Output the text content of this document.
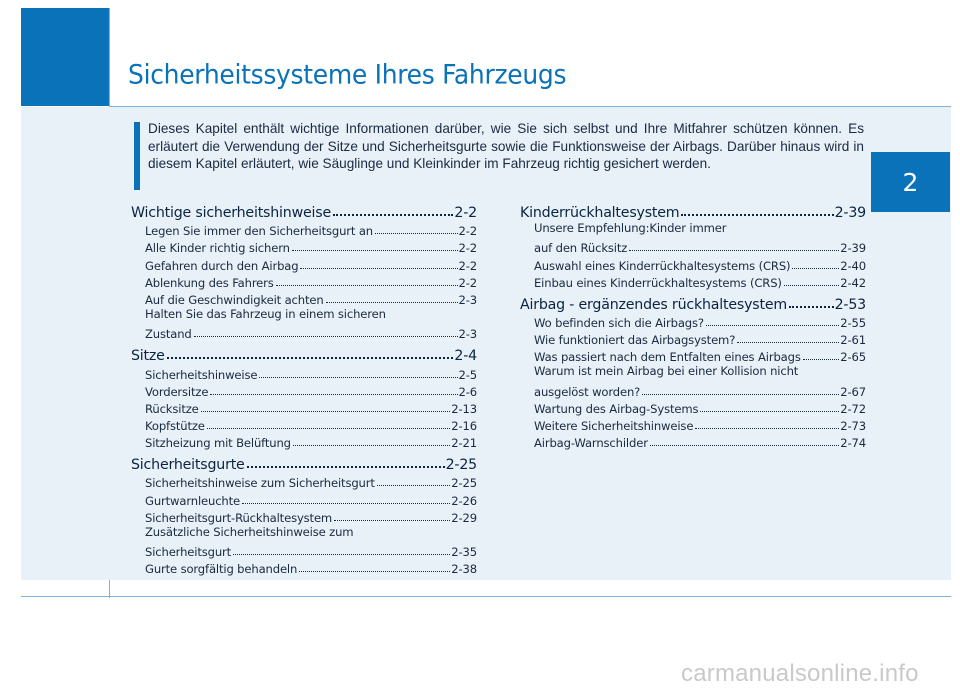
Sicherheitssysteme Ihres Fahrzeugs
2
Dieses Kapitel enthält wichtige Informationen darüber, wie Sie sich selbst und Ihre Mitfahrer schützen können. Es erläutert die Verwendung der Sitze und Sicherheitsgurte sowie die Funktionsweise der Airbags. Darüber hinaus wird in diesem Kapitel erläutert, wie Säuglinge und Kleinkinder im Fahrzeug richtig gesichert werden.
Wichtige sicherheitshinweise	2-2
Legen Sie immer den Sicherheitsgurt an	2-2
Alle Kinder richtig sichern	2-2
Gefahren durch den Airbag	2-2
Ablenkung des Fahrers	2-2
Auf die Geschwindigkeit achten	2-3
Halten Sie das Fahrzeug in einem sicheren
Zustand	2-3
Sitze	2-4
Sicherheitshinweise	2-5
Vordersitze	2-6
Rücksitze	2-13
Kopfstütze	2-16
Sitzheizung mit Belüftung	2-21
Sicherheitsgurte	2-25
Sicherheitshinweise zum Sicherheitsgurt	2-25
Gurtwarnleuchte	2-26
Sicherheitsgurt-Rückhaltesystem	2-29
Zusätzliche Sicherheitshinweise zum
Sicherheitsgurt	2-35
Gurte sorgfältig behandeln	2-38
Kinderrückhaltesystem	2-39
Unsere Empfehlung:Kinder immer
auf den Rücksitz	2-39
Auswahl eines Kinderrückhaltesystems (CRS)	2-40
Einbau eines Kinderrückhaltesystems (CRS)	2-42
Airbag - ergänzendes rückhaltesystem	2-53
Wo befinden sich die Airbags?	2-55
Wie funktioniert das Airbagsystem?	2-61
Was passiert nach dem Entfalten eines Airbags	2-65
Warum ist mein Airbag bei einer Kollision nicht
ausgelöst worden?	2-67
Wartung des Airbag-Systems	2-72
Weitere Sicherheitshinweise	2-73
Airbag-Warnschilder	2-74
carmanualsonline.info
